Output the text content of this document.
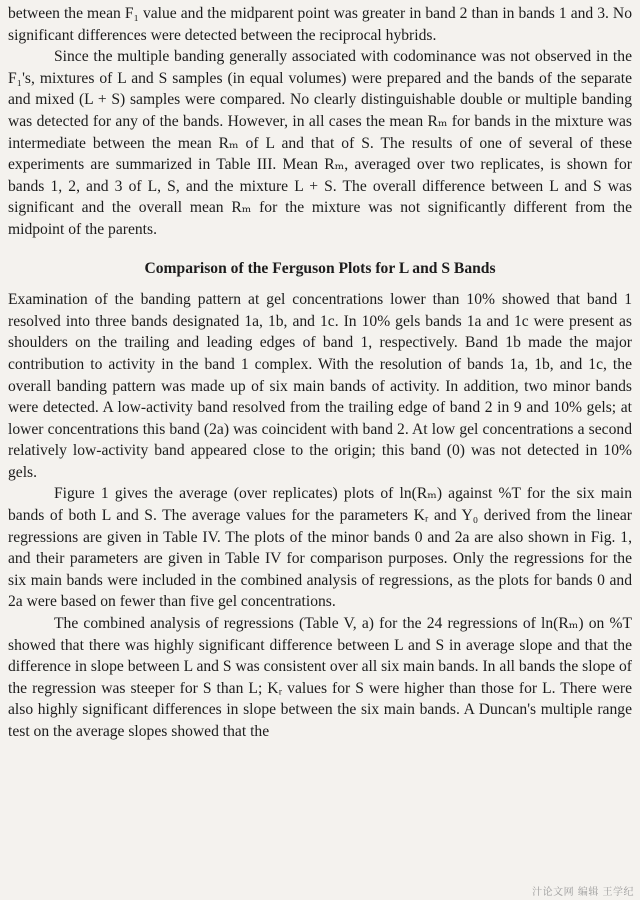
between the mean F₁ value and the midparent point was greater in band 2 than in bands 1 and 3. No significant differences were detected between the reciprocal hybrids.

Since the multiple banding generally associated with codominance was not observed in the F₁'s, mixtures of L and S samples (in equal volumes) were prepared and the bands of the separate and mixed (L + S) samples were compared. No clearly distinguishable double or multiple banding was detected for any of the bands. However, in all cases the mean Rₘ for bands in the mixture was intermediate between the mean Rₘ of L and that of S. The results of one of several of these experiments are summarized in Table III. Mean Rₘ, averaged over two replicates, is shown for bands 1, 2, and 3 of L, S, and the mixture L + S. The overall difference between L and S was significant and the overall mean Rₘ for the mixture was not significantly different from the midpoint of the parents.

Comparison of the Ferguson Plots for L and S Bands

Examination of the banding pattern at gel concentrations lower than 10% showed that band 1 resolved into three bands designated 1a, 1b, and 1c. In 10% gels bands 1a and 1c were present as shoulders on the trailing and leading edges of band 1, respectively. Band 1b made the major contribution to activity in the band 1 complex. With the resolution of bands 1a, 1b, and 1c, the overall banding pattern was made up of six main bands of activity. In addition, two minor bands were detected. A low-activity band resolved from the trailing edge of band 2 in 9 and 10% gels; at lower concentrations this band (2a) was coincident with band 2. At low gel concentrations a second relatively low-activity band appeared close to the origin; this band (0) was not detected in 10% gels.

Figure 1 gives the average (over replicates) plots of ln(Rₘ) against %T for the six main bands of both L and S. The average values for the parameters Kᵣ and Y₀ derived from the linear regressions are given in Table IV. The plots of the minor bands 0 and 2a are also shown in Fig. 1, and their parameters are given in Table IV for comparison purposes. Only the regressions for the six main bands were included in the combined analysis of regressions, as the plots for bands 0 and 2a were based on fewer than five gel concentrations.

The combined analysis of regressions (Table V, a) for the 24 regressions of ln(Rₘ) on %T showed that there was highly significant difference between L and S in average slope and that the difference in slope between L and S was consistent over all six main bands. In all bands the slope of the regression was steeper for S than L; Kᵣ values for S were higher than those for L. There were also highly significant differences in slope between the six main bands. A Duncan's multiple range test on the average slopes showed that the

汁论文网 编辑 王学纪
